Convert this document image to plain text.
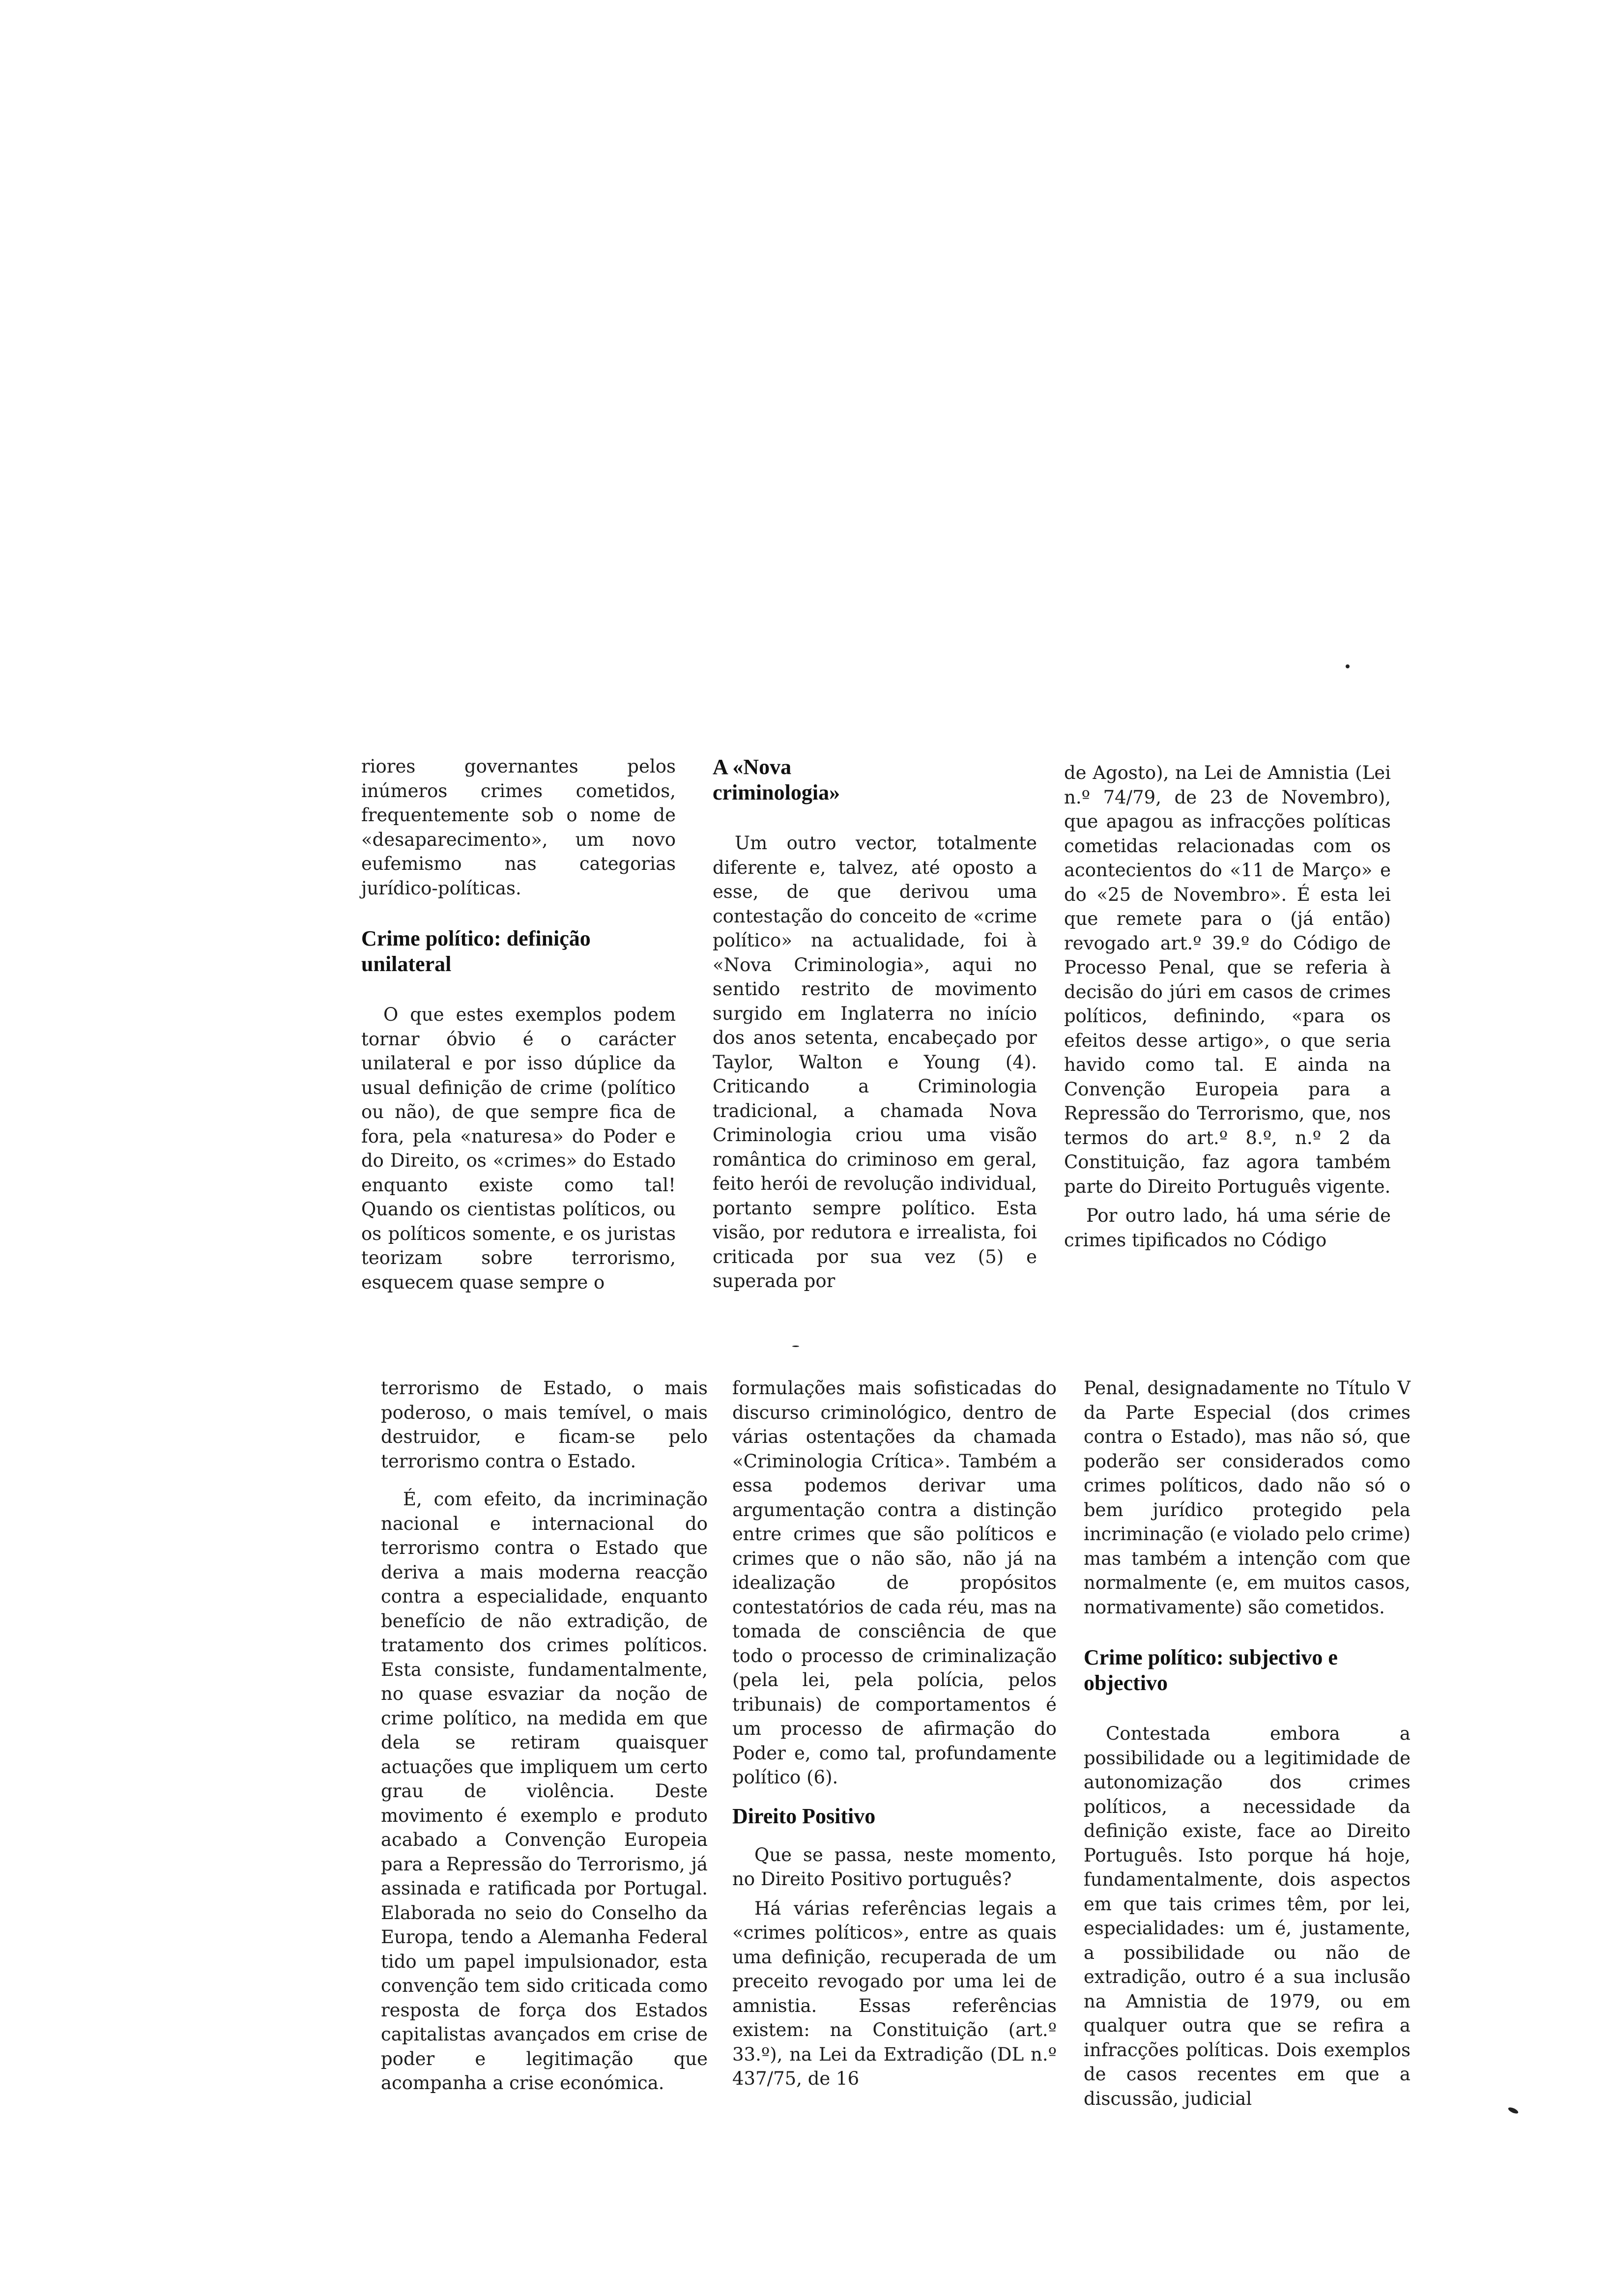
riores governantes pelos inúmeros crimes cometidos, frequentemente sob o nome de «desaparecimento», um novo eufemismo nas categorias jurídico-políticas.

Crime político: definição unilateral

O que estes exemplos podem tornar óbvio é o carácter unilateral e por isso dúplice da usual definição de crime (político ou não), de que sempre fica de fora, pela «naturesa» do Poder e do Direito, os «crimes» do Estado enquanto existe como tal! Quando os cientistas políticos, ou os políticos somente, e os juristas teorizam sobre terrorismo, esquecem quase sempre o

A «Nova criminologia»

Um outro vector, totalmente diferente e, talvez, até oposto a esse, de que derivou uma contestação do conceito de «crime político» na actualidade, foi à «Nova Criminologia», aqui no sentido restrito de movimento surgido em Inglaterra no início dos anos setenta, encabeçado por Taylor, Walton e Young (4). Criticando a Criminologia tradicional, a chamada Nova Criminologia criou uma visão romântica do criminoso em geral, feito herói de revolução individual, portanto sempre político. Esta visão, por redutora e irrealista, foi criticada por sua vez (5) e superada por

de Agosto), na Lei de Amnistia (Lei n.º 74/79, de 23 de Novembro), que apagou as infracções políticas cometidas relacionadas com os acontecientos do «11 de Março» e do «25 de Novembro». É esta lei que remete para o (já então) revogado art.º 39.º do Código de Processo Penal, que se referia à decisão do júri em casos de crimes políticos, definindo, «para os efeitos desse artigo», o que seria havido como tal. E ainda na Convenção Europeia para a Repressão do Terrorismo, que, nos termos do art.º 8.º, n.º 2 da Constituição, faz agora também parte do Direito Português vigente.

Por outro lado, há uma série de crimes tipificados no Código

terrorismo de Estado, o mais poderoso, o mais temível, o mais destruidor, e ficam-se pelo terrorismo contra o Estado.

É, com efeito, da incriminação nacional e internacional do terrorismo contra o Estado que deriva a mais moderna reacção contra a especialidade, enquanto benefício de não extradição, de tratamento dos crimes políticos. Esta consiste, fundamentalmente, no quase esvaziar da noção de crime político, na medida em que dela se retiram quaisquer actuações que impliquem um certo grau de violência. Deste movimento é exemplo e produto acabado a Convenção Europeia para a Repressão do Terrorismo, já assinada e ratificada por Portugal. Elaborada no seio do Conselho da Europa, tendo a Alemanha Federal tido um papel impulsionador, esta convenção tem sido criticada como resposta de força dos Estados capitalistas avançados em crise de poder e legitimação que acompanha a crise económica.

formulações mais sofisticadas do discurso criminológico, dentro de várias ostentações da chamada «Criminologia Crítica». Também a essa podemos derivar uma argumentação contra a distinção entre crimes que são políticos e crimes que o não são, não já na idealização de propósitos contestatórios de cada réu, mas na tomada de consciência de que todo o processo de criminalização (pela lei, pela polícia, pelos tribunais) de comportamentos é um processo de afirmação do Poder e, como tal, profundamente político (6).

Direito Positivo

Que se passa, neste momento, no Direito Positivo português?

Há várias referências legais a «crimes políticos», entre as quais uma definição, recuperada de um preceito revogado por uma lei de amnistia. Essas referências existem: na Constituição (art.º 33.º), na Lei da Extradição (DL n.º 437/75, de 16

Penal, designadamente no Título V da Parte Especial (dos crimes contra o Estado), mas não só, que poderão ser considerados como crimes políticos, dado não só o bem jurídico protegido pela incriminação (e violado pelo crime) mas também a intenção com que normalmente (e, em muitos casos, normativamente) são cometidos.

Crime político: subjectivo e objectivo

Contestada embora a possibilidade ou a legitimidade de autonomização dos crimes políticos, a necessidade da definição existe, face ao Direito Português. Isto porque há hoje, fundamentalmente, dois aspectos em que tais crimes têm, por lei, especialidades: um é, justamente, a possibilidade ou não de extradição, outro é a sua inclusão na Amnistia de 1979, ou em qualquer outra que se refira a infracções políticas. Dois exemplos de casos recentes em que a discussão, judicial
